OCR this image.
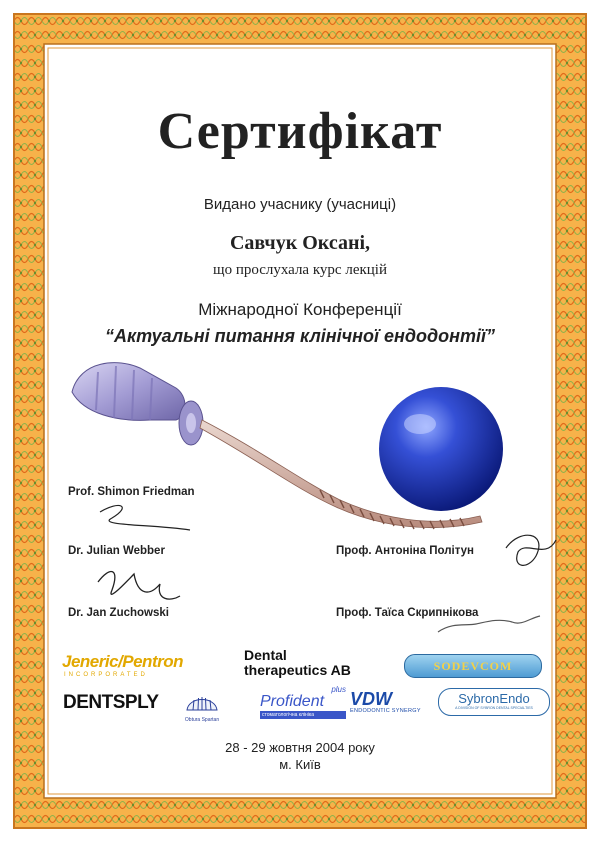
Сертифікат
Видано учаснику (учасниці)
Савчук Оксані,
що прослухала курс лекцій
Міжнародної Конференції
“Актуальні питання клінічної ендодонтії”
Prof. Shimon Friedman
Dr. Julian Webber
Dr. Jan Zuchowski
Проф. Антоніна Політун
Проф. Таїса Скрипнікова
Jeneric/Pentron
INCORPORATED
Dental
therapeutics AB	SODEVCOM
DENTSPLY
Obtura Spartan
plus
Profident
стоматологічна клініка
VDW
ENDODONTIC SYNERGY
SybronEndo
A DIVISION OF SYBRON DENTAL SPECIALTIES
28 - 29 жовтня 2004 року
м. Київ
